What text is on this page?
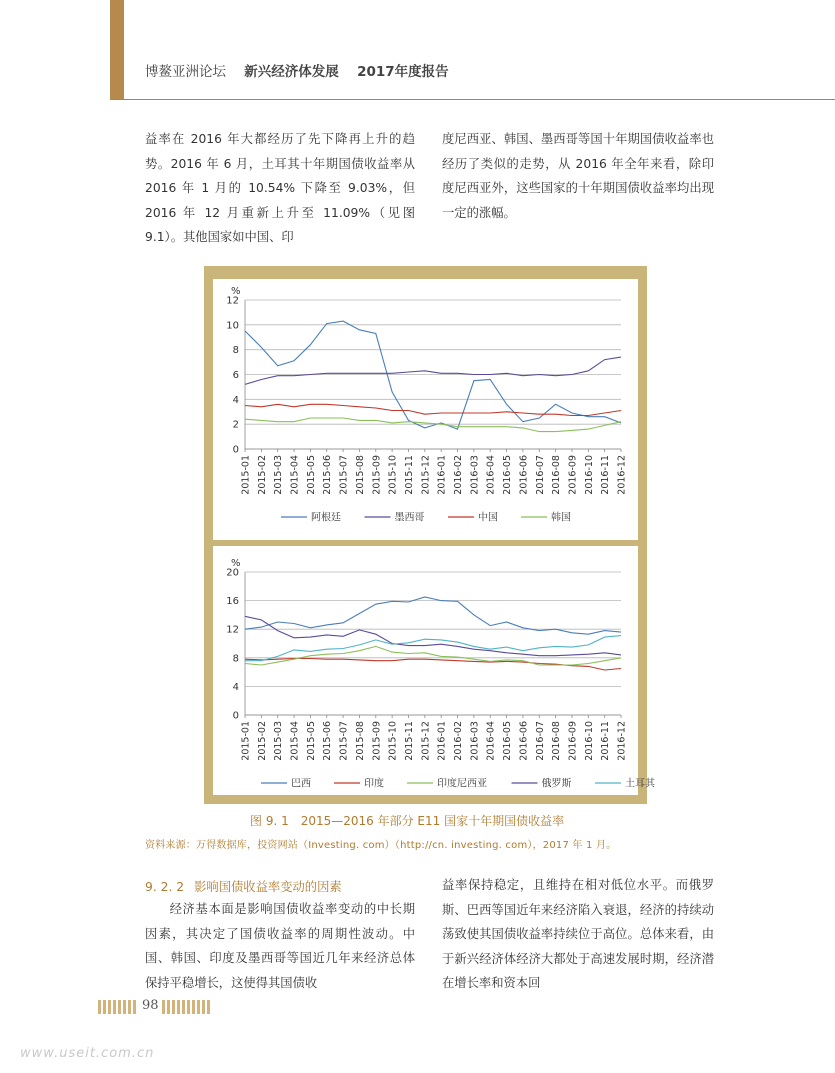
博鳌亚洲论坛 新兴经济体发展 2017年度报告

益率在 2016 年大都经历了先下降再上升的趋势。2016 年 6 月，土耳其十年期国债收益率从 2016 年 1 月的 10.54% 下降至 9.03%，但 2016 年 12 月重新上升至 11.09%（见图 9.1）。其他国家如中国、印

度尼西亚、韩国、墨西哥等国十年期国债收益率也经历了类似的走势，从 2016 年全年来看，除印度尼西亚外，这些国家的十年期国债收益率均出现一定的涨幅。

%
0
2
4
6
8
10
12
2015-01 2015-02 2015-03 2015-04 2015-05 2015-06 2015-07 2015-08 2015-09 2015-10 2015-11 2015-12 2016-01 2016-02 2016-03 2016-04 2016-05 2016-06 2016-07 2016-08 2016-09 2016-10 2016-11 2016-12
阿根廷	墨西哥	中国	韩国
%
0
4
8
12
16
20
2015-01 2015-02 2015-03 2015-04 2015-05 2015-06 2015-07 2015-08 2015-09 2015-10 2015-11 2015-12 2016-01 2016-02 2016-03 2016-04 2016-05 2016-06 2016-07 2016-08 2016-09 2016-10 2016-11 2016-12
巴西	印度	印度尼西亚	俄罗斯	土耳其
图 9. 1　2015—2016 年部分 E11 国家十年期国债收益率
资料来源：万得数据库，投资网站（Investing. com）（http://cn. investing. com），2017 年 1 月。
9. 2. 2 影响国债收益率变动的因素

经济基本面是影响国债收益率变动的中长期因素，其决定了国债收益率的周期性波动。中国、韩国、印度及墨西哥等国近几年来经济总体保持平稳增长，这使得其国债收

益率保持稳定，且维持在相对低位水平。而俄罗斯、巴西等国近年来经济陷入衰退，经济的持续动荡致使其国债收益率持续位于高位。总体来看，由于新兴经济体经济大都处于高速发展时期，经济潜在增长率和资本回

98
www.useit.com.cn
